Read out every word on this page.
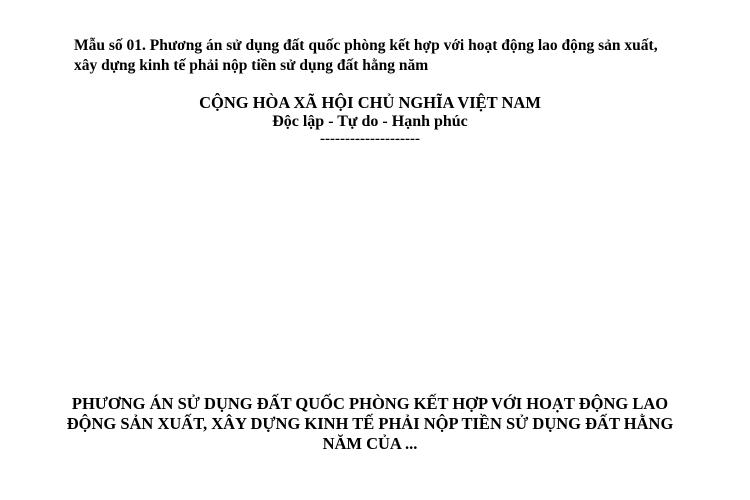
Mẫu số 01. Phương án sử dụng đất quốc phòng kết hợp với hoạt động lao động sản xuất, xây dựng kinh tế phải nộp tiền sử dụng đất hằng năm
CỘNG HÒA XÃ HỘI CHỦ NGHĨA VIỆT NAM
Độc lập - Tự do - Hạnh phúc
--------------------
PHƯƠNG ÁN SỬ DỤNG ĐẤT QUỐC PHÒNG KẾT HỢP VỚI HOẠT ĐỘNG LAO ĐỘNG SẢN XUẤT, XÂY DỰNG KINH TẾ PHẢI NỘP TIỀN SỬ DỤNG ĐẤT HẰNG NĂM CỦA ...
